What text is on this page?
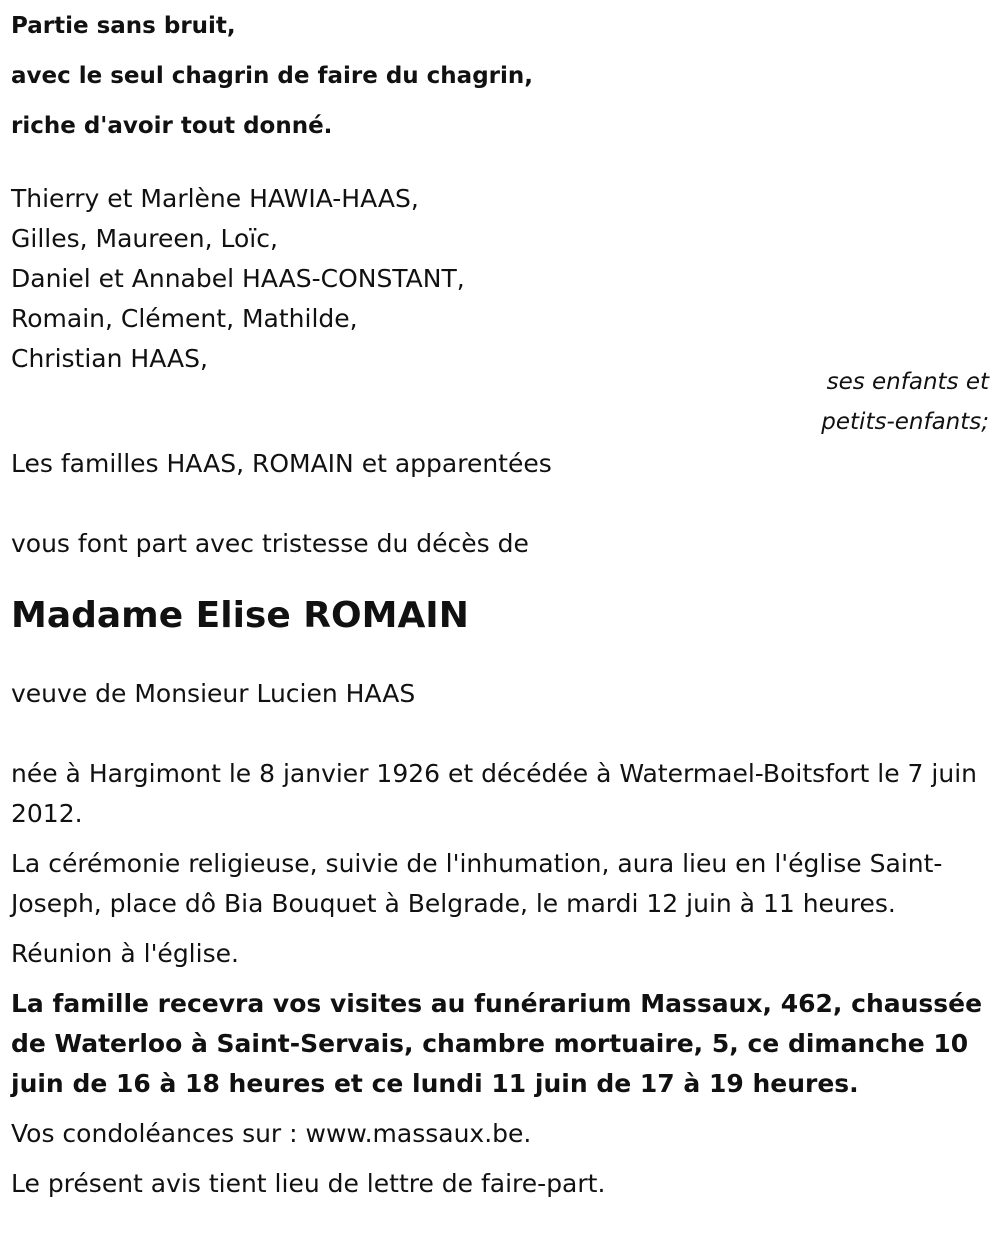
Partie sans bruit,
avec le seul chagrin de faire du chagrin,
riche d'avoir tout donné.
Thierry et Marlène HAWIA-HAAS,
Gilles, Maureen, Loïc,
Daniel et Annabel HAAS-CONSTANT,
Romain, Clément, Mathilde,
Christian HAAS,
ses enfants et
petits-enfants;
Les familles HAAS, ROMAIN et apparentées
vous font part avec tristesse du décès de
Madame Elise ROMAIN
veuve de Monsieur Lucien HAAS
née à Hargimont le 8 janvier 1926 et décédée à Watermael-Boitsfort le 7 juin 2012.
La cérémonie religieuse, suivie de l'inhumation, aura lieu en l'église Saint-Joseph, place dô Bia Bouquet à Belgrade, le mardi 12 juin à 11 heures.
Réunion à l'église.
La famille recevra vos visites au funérarium Massaux, 462, chaussée de Waterloo à Saint-Servais, chambre mortuaire, 5, ce dimanche 10 juin de 16 à 18 heures et ce lundi 11 juin de 17 à 19 heures.
Vos condoléances sur : www.massaux.be.
Le présent avis tient lieu de lettre de faire-part.
